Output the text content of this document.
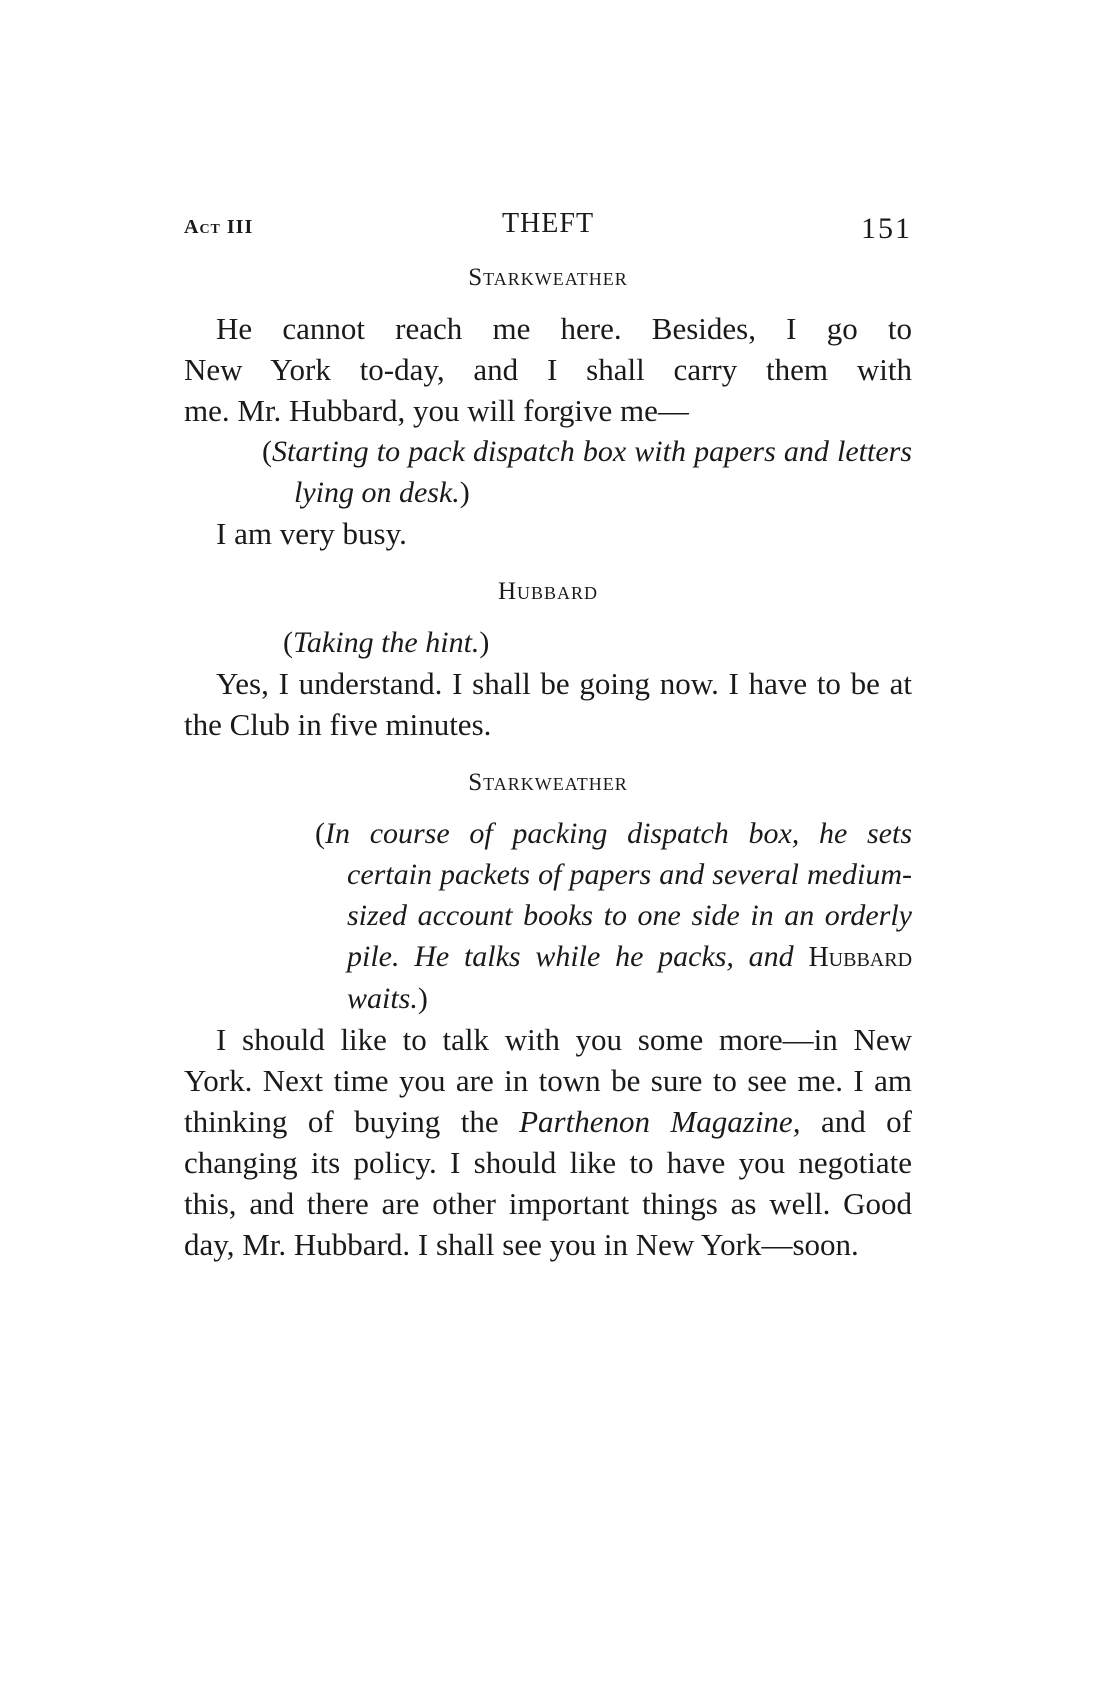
Act III	THEFT	151

Starkweather

He cannot reach me here. Besides, I go to

New York to-day, and I shall carry them with

me. Mr. Hubbard, you will forgive me—

(Starting to pack dispatch box with papers and letters lying on desk.)

I am very busy.

Hubbard

(Taking the hint.)

Yes, I understand. I shall be going now. I have to be at the Club in five minutes.

Starkweather

(In course of packing dispatch box, he sets certain packets of papers and several medium-sized account books to one side in an orderly pile. He talks while he packs, and Hubbard waits.)

I should like to talk with you some more—in New York. Next time you are in town be sure to see me. I am thinking of buying the Parthenon Magazine, and of changing its policy. I should like to have you negotiate this, and there are other important things as well. Good day, Mr. Hubbard. I shall see you in New York—soon.
